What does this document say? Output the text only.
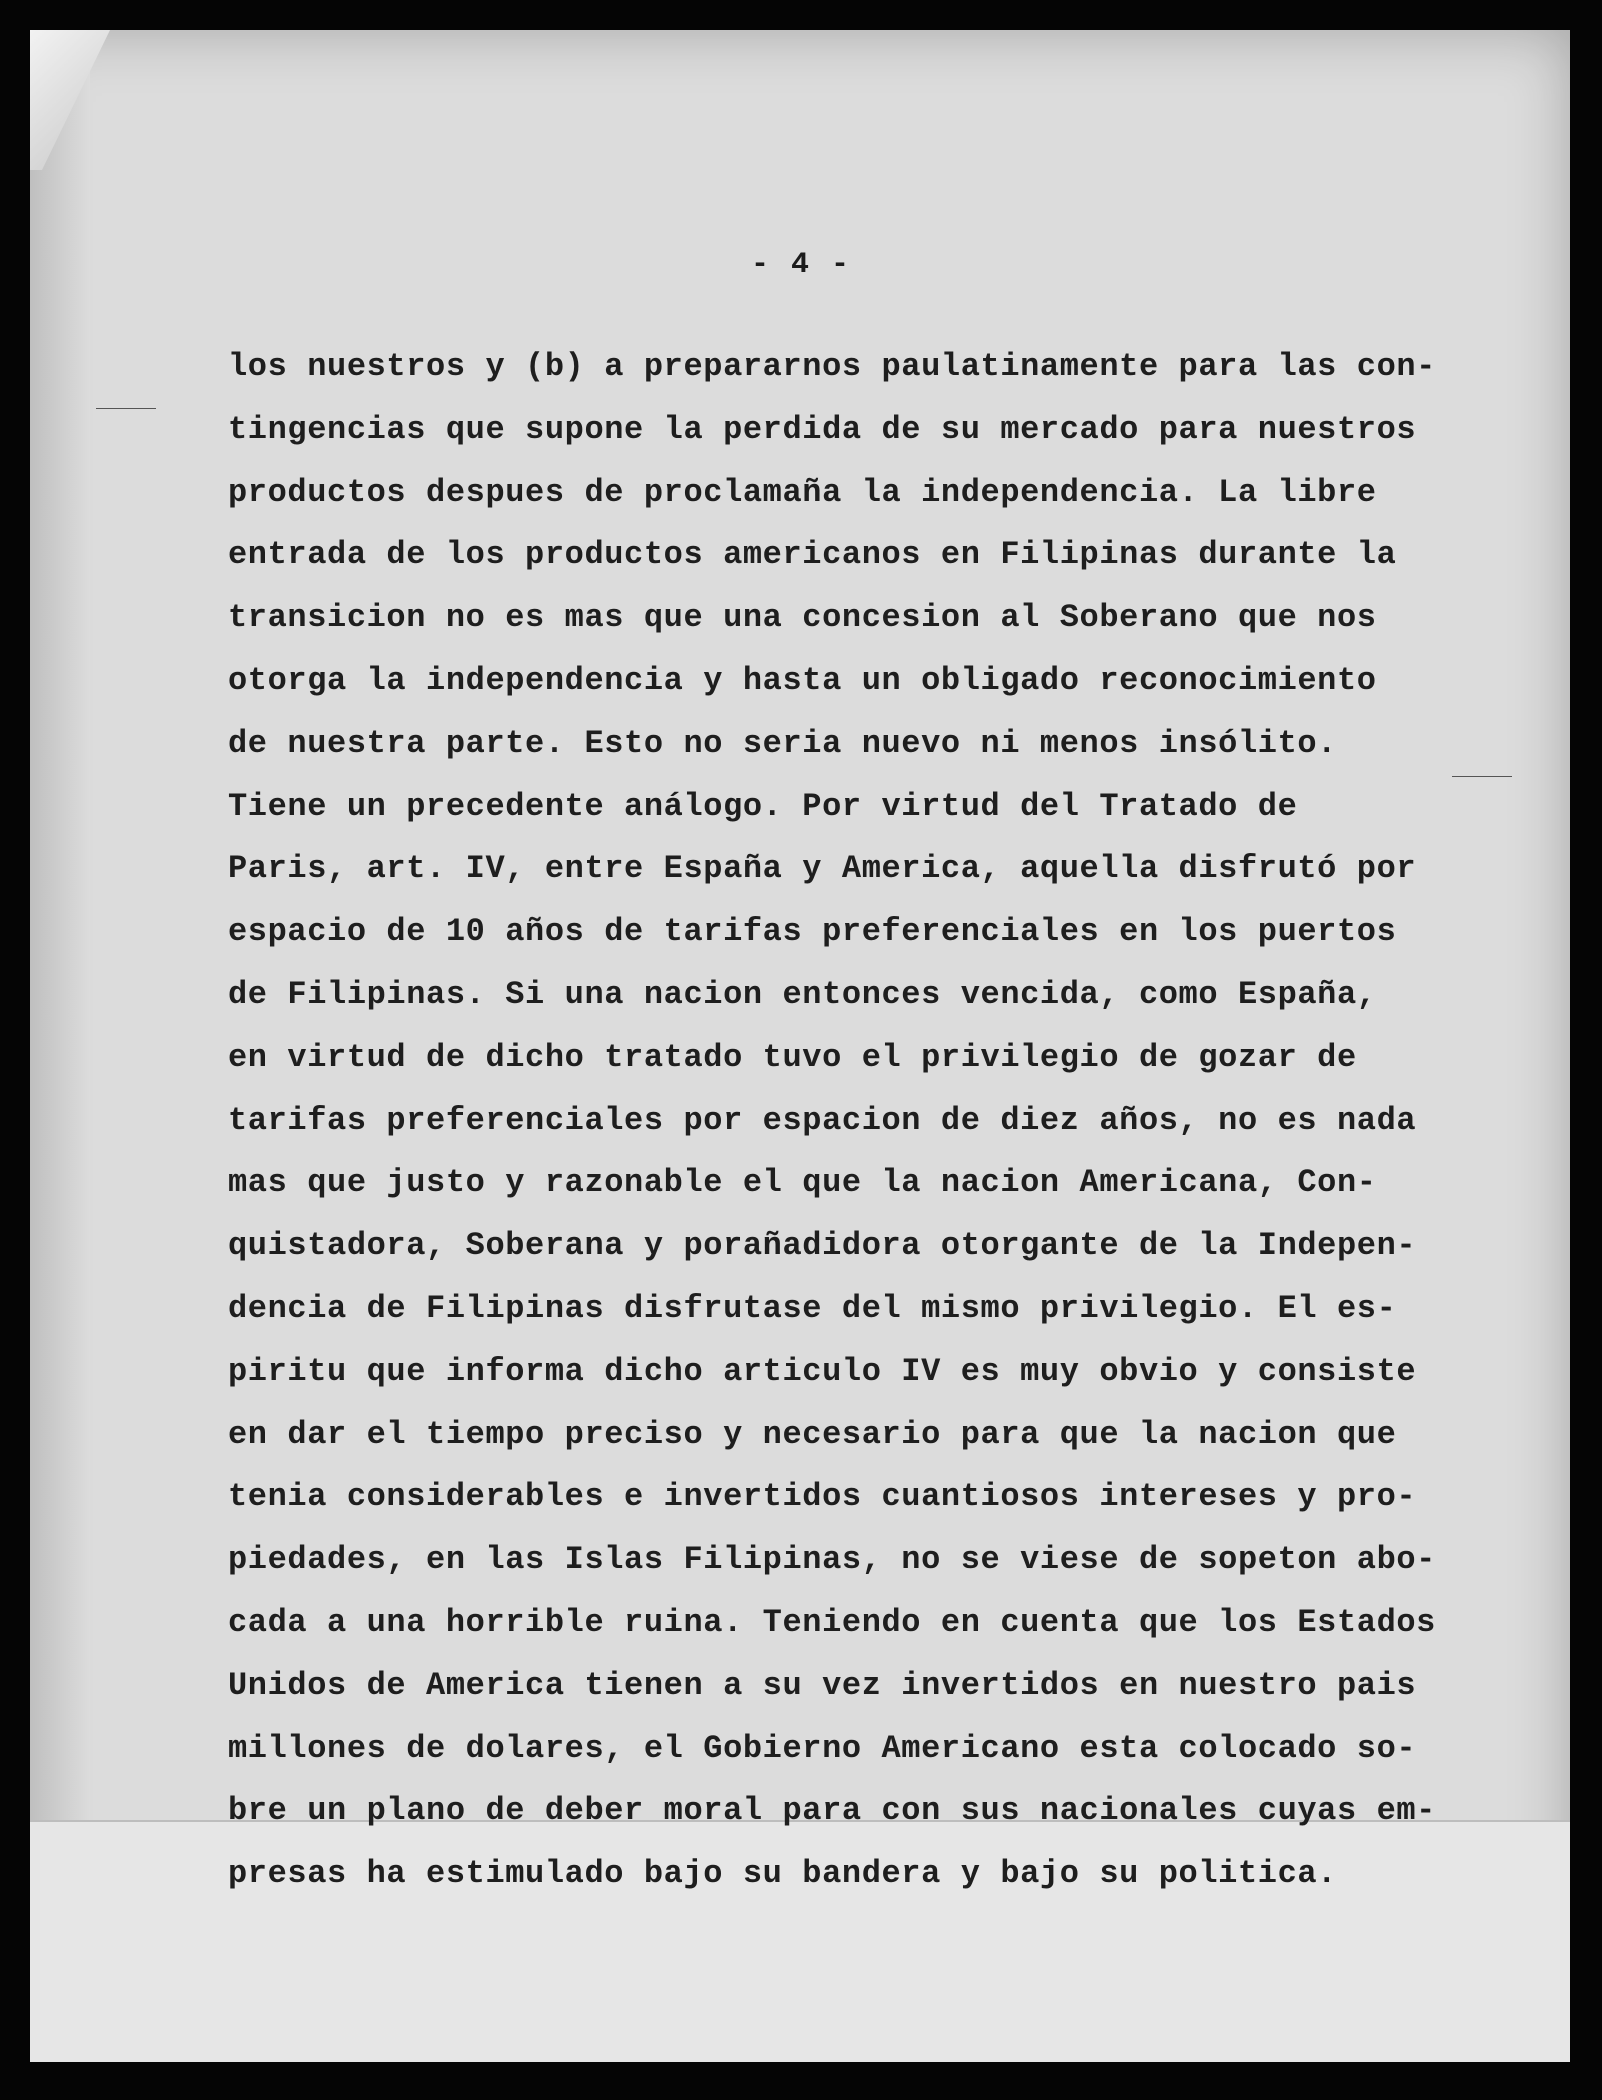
- 4 -
los nuestros y (b) a prepararnos paulatinamente para las con-
tingencias que supone la perdida de su mercado para nuestros
productos despues de proclamaña la independencia. La libre
entrada de los productos americanos en Filipinas durante la
transicion no es mas que una concesion al Soberano que nos
otorga la independencia y hasta un obligado reconocimiento
de nuestra parte. Esto no seria nuevo ni menos insólito.
Tiene un precedente análogo. Por virtud del Tratado de
Paris, art. IV, entre España y America, aquella disfrutó por
espacio de 10 años de tarifas preferenciales en los puertos
de Filipinas. Si una nacion entonces vencida, como España,
en virtud de dicho tratado tuvo el privilegio de gozar de
tarifas preferenciales por espacion de diez años, no es nada
mas que justo y razonable el que la nacion Americana, Con-
quistadora, Soberana y porañadidora otorgante de la Indepen-
dencia de Filipinas disfrutase del mismo privilegio. El es-
piritu que informa dicho articulo IV es muy obvio y consiste
en dar el tiempo preciso y necesario para que la nacion que
tenia considerables e invertidos cuantiosos intereses y pro-
piedades, en las Islas Filipinas, no se viese de sopeton abo-
cada a una horrible ruina. Teniendo en cuenta que los Estados
Unidos de America tienen a su vez invertidos en nuestro pais
millones de dolares, el Gobierno Americano esta colocado so-
bre un plano de deber moral para con sus nacionales cuyas em-
presas ha estimulado bajo su bandera y bajo su politica.
